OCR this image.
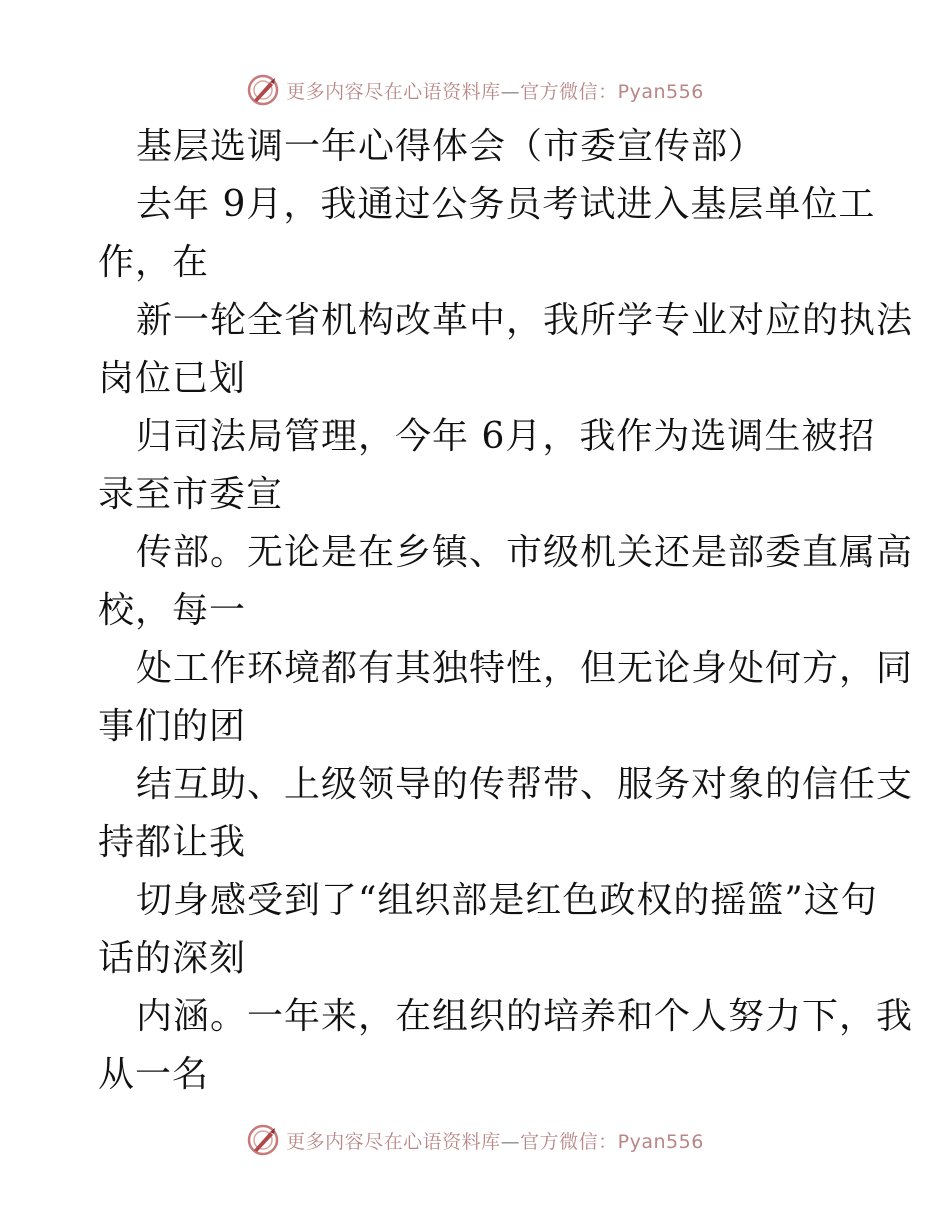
更多内容尽在心语资料库—官方微信：Pyan556
基层选调一年心得体会（市委宣传部）
去年 9月，我通过公务员考试进入基层单位工
作，在
新一轮全省机构改革中，我所学专业对应的执法
岗位已划
归司法局管理，今年 6月，我作为选调生被招
录至市委宣
传部。无论是在乡镇、市级机关还是部委直属高
校，每一
处工作环境都有其独特性，但无论身处何方，同
事们的团
结互助、上级领导的传帮带、服务对象的信任支
持都让我
切身感受到了“组织部是红色政权的摇篮”这句
话的深刻
内涵。一年来，在组织的培养和个人努力下，我
从一名
更多内容尽在心语资料库—官方微信：Pyan556
